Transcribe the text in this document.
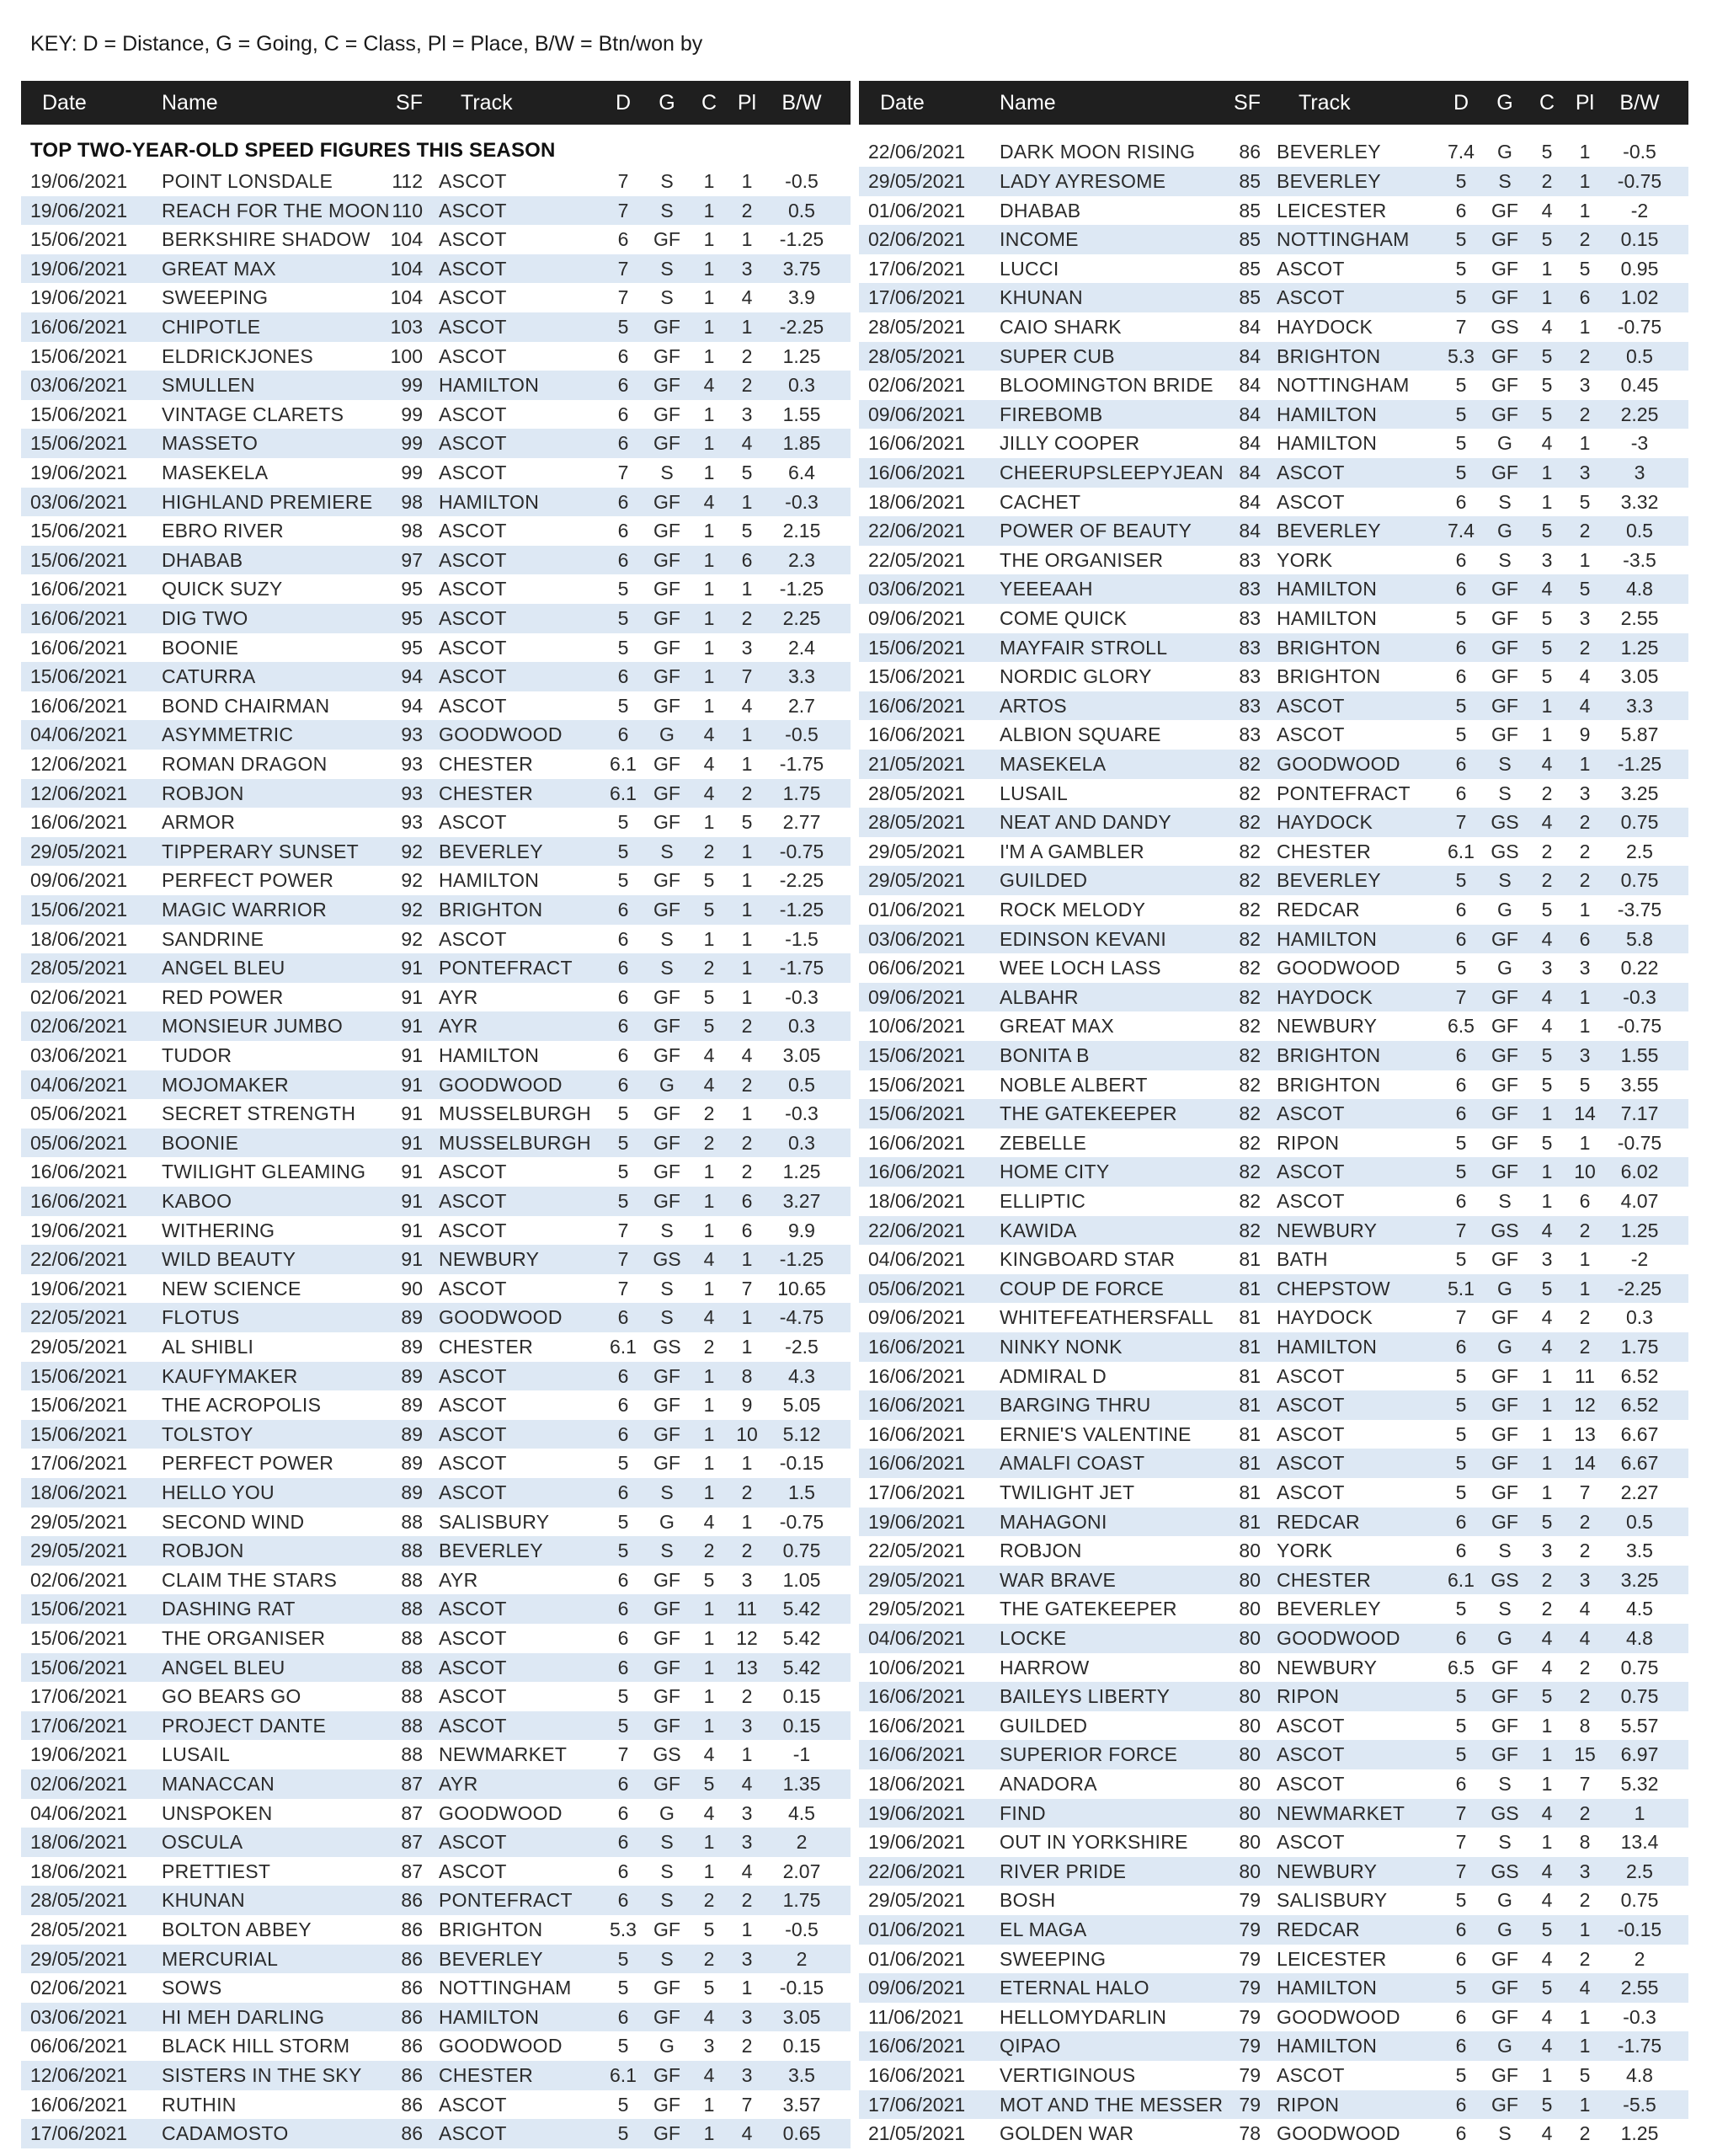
KEY: D = Distance, G = Going, C = Class, Pl = Place, B/W = Btn/won by
Date	Name	SF Track	D	G	C Pl	B/W
TOP TWO-YEAR-OLD SPEED FIGURES THIS SEASON
19/06/2021 POINT LONSDALE	112 ASCOT	7	S	1	1	-0.5
19/06/2021 REACH FOR THE MOON 110 ASCOT	7	S	1	2	0.5
15/06/2021 BERKSHIRE SHADOW	104 ASCOT	6	GF	1	1	-1.25
19/06/2021 GREAT MAX	104 ASCOT	7	S	1	3	3.75
19/06/2021 SWEEPING	104 ASCOT	7	S	1	4	3.9
16/06/2021 CHIPOTLE	103 ASCOT	5	GF	1	1	-2.25
15/06/2021 ELDRICKJONES	100 ASCOT	6	GF	1	2	1.25
03/06/2021 SMULLEN	99 HAMILTON	6	GF	4	2	0.3
15/06/2021 VINTAGE CLARETS	99 ASCOT	6	GF	1	3	1.55
15/06/2021 MASSETO	99 ASCOT	6	GF	1	4	1.85
19/06/2021 MASEKELA	99 ASCOT	7	S	1	5	6.4
03/06/2021 HIGHLAND PREMIERE	98 HAMILTON	6	GF	4	1	-0.3
15/06/2021 EBRO RIVER	98 ASCOT	6	GF	1	5	2.15
15/06/2021 DHABAB	97 ASCOT	6	GF	1	6	2.3
16/06/2021 QUICK SUZY	95 ASCOT	5	GF	1	1	-1.25
16/06/2021 DIG TWO	95 ASCOT	5	GF	1	2	2.25
16/06/2021 BOONIE	95 ASCOT	5	GF	1	3	2.4
15/06/2021 CATURRA	94 ASCOT	6	GF	1	7	3.3
16/06/2021 BOND CHAIRMAN	94 ASCOT	5	GF	1	4	2.7
04/06/2021 ASYMMETRIC	93 GOODWOOD	6	G	4	1	-0.5
12/06/2021 ROMAN DRAGON	93 CHESTER	6.1 GF	4	1	-1.75
12/06/2021 ROBJON	93 CHESTER	6.1 GF	4	2	1.75
16/06/2021 ARMOR	93 ASCOT	5	GF	1	5	2.77
29/05/2021 TIPPERARY SUNSET	92 BEVERLEY	5	S	2	1	-0.75
09/06/2021 PERFECT POWER	92 HAMILTON	5	GF	5	1	-2.25
15/06/2021 MAGIC WARRIOR	92 BRIGHTON	6	GF	5	1	-1.25
18/06/2021 SANDRINE	92 ASCOT	6	S	1	1	-1.5
28/05/2021 ANGEL BLEU	91 PONTEFRACT	6	S	2	1	-1.75
02/06/2021 RED POWER	91 AYR	6	GF	5	1	-0.3
02/06/2021 MONSIEUR JUMBO	91 AYR	6	GF	5	2	0.3
03/06/2021 TUDOR	91 HAMILTON	6	GF	4	4	3.05
04/06/2021 MOJOMAKER	91 GOODWOOD	6	G	4	2	0.5
05/06/2021 SECRET STRENGTH	91 MUSSELBURGH	5	GF	2	1	-0.3
05/06/2021 BOONIE	91 MUSSELBURGH	5	GF	2	2	0.3
16/06/2021 TWILIGHT GLEAMING	91 ASCOT	5	GF	1	2	1.25
16/06/2021 KABOO	91 ASCOT	5	GF	1	6	3.27
19/06/2021 WITHERING	91 ASCOT	7	S	1	6	9.9
22/06/2021 WILD BEAUTY	91 NEWBURY	7	GS	4	1	-1.25
19/06/2021 NEW SCIENCE	90 ASCOT	7	S	1	7	10.65
22/05/2021 FLOTUS	89 GOODWOOD	6	S	4	1	-4.75
29/05/2021 AL SHIBLI	89 CHESTER	6.1 GS	2	1	-2.5
15/06/2021 KAUFYMAKER	89 ASCOT	6	GF	1	8	4.3
15/06/2021 THE ACROPOLIS	89 ASCOT	6	GF	1	9	5.05
15/06/2021 TOLSTOY	89 ASCOT	6	GF	1	10	5.12
17/06/2021 PERFECT POWER	89 ASCOT	5	GF	1	1	-0.15
18/06/2021 HELLO YOU	89 ASCOT	6	S	1	2	1.5
29/05/2021 SECOND WIND	88 SALISBURY	5	G	4	1	-0.75
29/05/2021 ROBJON	88 BEVERLEY	5	S	2	2	0.75
02/06/2021 CLAIM THE STARS	88 AYR	6	GF	5	3	1.05
15/06/2021 DASHING RAT	88 ASCOT	6	GF	1	11	5.42
15/06/2021 THE ORGANISER	88 ASCOT	6	GF	1	12	5.42
15/06/2021 ANGEL BLEU	88 ASCOT	6	GF	1	13	5.42
17/06/2021 GO BEARS GO	88 ASCOT	5	GF	1	2	0.15
17/06/2021 PROJECT DANTE	88 ASCOT	5	GF	1	3	0.15
19/06/2021 LUSAIL	88 NEWMARKET	7	GS	4	1	-1
02/06/2021 MANACCAN	87 AYR	6	GF	5	4	1.35
04/06/2021 UNSPOKEN	87 GOODWOOD	6	G	4	3	4.5
18/06/2021 OSCULA	87 ASCOT	6	S	1	3	2
18/06/2021 PRETTIEST	87 ASCOT	6	S	1	4	2.07
28/05/2021 KHUNAN	86 PONTEFRACT	6	S	2	2	1.75
28/05/2021 BOLTON ABBEY	86 BRIGHTON	5.3 GF	5	1	-0.5
29/05/2021 MERCURIAL	86 BEVERLEY	5	S	2	3	2
02/06/2021 SOWS	86 NOTTINGHAM	5	GF	5	1	-0.15
03/06/2021 HI MEH DARLING	86 HAMILTON	6	GF	4	3	3.05
06/06/2021 BLACK HILL STORM	86 GOODWOOD	5	G	3	2	0.15
12/06/2021 SISTERS IN THE SKY	86 CHESTER	6.1 GF	4	3	3.5
16/06/2021 RUTHIN	86 ASCOT	5	GF	1	7	3.57
17/06/2021 CADAMOSTO	86 ASCOT	5	GF	1	4	0.65
Date	Name	SF Track	D	G	C Pl	B/W
22/06/2021 DARK MOON RISING	86 BEVERLEY	7.4	G	5	1	-0.5
29/05/2021 LADY AYRESOME	85 BEVERLEY	5	S	2	1	-0.75
01/06/2021 DHABAB	85 LEICESTER	6	GF	4	1	-2
02/06/2021 INCOME	85 NOTTINGHAM	5	GF	5	2	0.15
17/06/2021 LUCCI	85 ASCOT	5	GF	1	5	0.95
17/06/2021 KHUNAN	85 ASCOT	5	GF	1	6	1.02
28/05/2021 CAIO SHARK	84 HAYDOCK	7	GS	4	1	-0.75
28/05/2021 SUPER CUB	84 BRIGHTON	5.3 GF	5	2	0.5
02/06/2021 BLOOMINGTON BRIDE	84 NOTTINGHAM	5	GF	5	3	0.45
09/06/2021 FIREBOMB	84 HAMILTON	5	GF	5	2	2.25
16/06/2021 JILLY COOPER	84 HAMILTON	5	G	4	1	-3
16/06/2021 CHEERUPSLEEPYJEAN 84 ASCOT	5	GF	1	3	3
18/06/2021 CACHET	84 ASCOT	6	S	1	5	3.32
22/06/2021 POWER OF BEAUTY	84 BEVERLEY	7.4	G	5	2	0.5
22/05/2021 THE ORGANISER	83 YORK	6	S	3	1	-3.5
03/06/2021 YEEEAAH	83 HAMILTON	6	GF	4	5	4.8
09/06/2021 COME QUICK	83 HAMILTON	5	GF	5	3	2.55
15/06/2021 MAYFAIR STROLL	83 BRIGHTON	6	GF	5	2	1.25
15/06/2021 NORDIC GLORY	83 BRIGHTON	6	GF	5	4	3.05
16/06/2021 ARTOS	83 ASCOT	5	GF	1	4	3.3
16/06/2021 ALBION SQUARE	83 ASCOT	5	GF	1	9	5.87
21/05/2021 MASEKELA	82 GOODWOOD	6	S	4	1	-1.25
28/05/2021 LUSAIL	82 PONTEFRACT	6	S	2	3	3.25
28/05/2021 NEAT AND DANDY	82 HAYDOCK	7	GS	4	2	0.75
29/05/2021 I'M A GAMBLER	82 CHESTER	6.1 GS	2	2	2.5
29/05/2021 GUILDED	82 BEVERLEY	5	S	2	2	0.75
01/06/2021 ROCK MELODY	82 REDCAR	6	G	5	1	-3.75
03/06/2021 EDINSON KEVANI	82 HAMILTON	6	GF	4	6	5.8
06/06/2021 WEE LOCH LASS	82 GOODWOOD	5	G	3	3	0.22
09/06/2021 ALBAHR	82 HAYDOCK	7	GF	4	1	-0.3
10/06/2021 GREAT MAX	82 NEWBURY	6.5 GF	4	1	-0.75
15/06/2021 BONITA B	82 BRIGHTON	6	GF	5	3	1.55
15/06/2021 NOBLE ALBERT	82 BRIGHTON	6	GF	5	5	3.55
15/06/2021 THE GATEKEEPER	82 ASCOT	6	GF	1	14	7.17
16/06/2021 ZEBELLE	82 RIPON	5	GF	5	1	-0.75
16/06/2021 HOME CITY	82 ASCOT	5	GF	1	10	6.02
18/06/2021 ELLIPTIC	82 ASCOT	6	S	1	6	4.07
22/06/2021 KAWIDA	82 NEWBURY	7	GS	4	2	1.25
04/06/2021 KINGBOARD STAR	81 BATH	5	GF	3	1	-2
05/06/2021 COUP DE FORCE	81 CHEPSTOW	5.1	G	5	1	-2.25
09/06/2021 WHITEFEATHERSFALL	81 HAYDOCK	7	GF	4	2	0.3
16/06/2021 NINKY NONK	81 HAMILTON	6	G	4	2	1.75
16/06/2021 ADMIRAL D	81 ASCOT	5	GF	1	11	6.52
16/06/2021 BARGING THRU	81 ASCOT	5	GF	1	12	6.52
16/06/2021 ERNIE'S VALENTINE	81 ASCOT	5	GF	1	13	6.67
16/06/2021 AMALFI COAST	81 ASCOT	5	GF	1	14	6.67
17/06/2021 TWILIGHT JET	81 ASCOT	5	GF	1	7	2.27
19/06/2021 MAHAGONI	81 REDCAR	6	GF	5	2	0.5
22/05/2021 ROBJON	80 YORK	6	S	3	2	3.5
29/05/2021 WAR BRAVE	80 CHESTER	6.1 GS	2	3	3.25
29/05/2021 THE GATEKEEPER	80 BEVERLEY	5	S	2	4	4.5
04/06/2021 LOCKE	80 GOODWOOD	6	G	4	4	4.8
10/06/2021 HARROW	80 NEWBURY	6.5 GF	4	2	0.75
16/06/2021 BAILEYS LIBERTY	80 RIPON	5	GF	5	2	0.75
16/06/2021 GUILDED	80 ASCOT	5	GF	1	8	5.57
16/06/2021 SUPERIOR FORCE	80 ASCOT	5	GF	1	15	6.97
18/06/2021 ANADORA	80 ASCOT	6	S	1	7	5.32
19/06/2021 FIND	80 NEWMARKET	7	GS	4	2	1
19/06/2021 OUT IN YORKSHIRE	80 ASCOT	7	S	1	8	13.4
22/06/2021 RIVER PRIDE	80 NEWBURY	7	GS	4	3	2.5
29/05/2021 BOSH	79 SALISBURY	5	G	4	2	0.75
01/06/2021 EL MAGA	79 REDCAR	6	G	5	1	-0.15
01/06/2021 SWEEPING	79 LEICESTER	6	GF	4	2	2
09/06/2021 ETERNAL HALO	79 HAMILTON	5	GF	5	4	2.55
11/06/2021 HELLOMYDARLIN	79 GOODWOOD	6	GF	4	1	-0.3
16/06/2021 QIPAO	79 HAMILTON	6	G	4	1	-1.75
16/06/2021 VERTIGINOUS	79 ASCOT	5	GF	1	5	4.8
17/06/2021 MOT AND THE MESSER 79 RIPON	6	GF	5	1	-5.5
21/05/2021 GOLDEN WAR	78 GOODWOOD	6	S	4	2	1.25
